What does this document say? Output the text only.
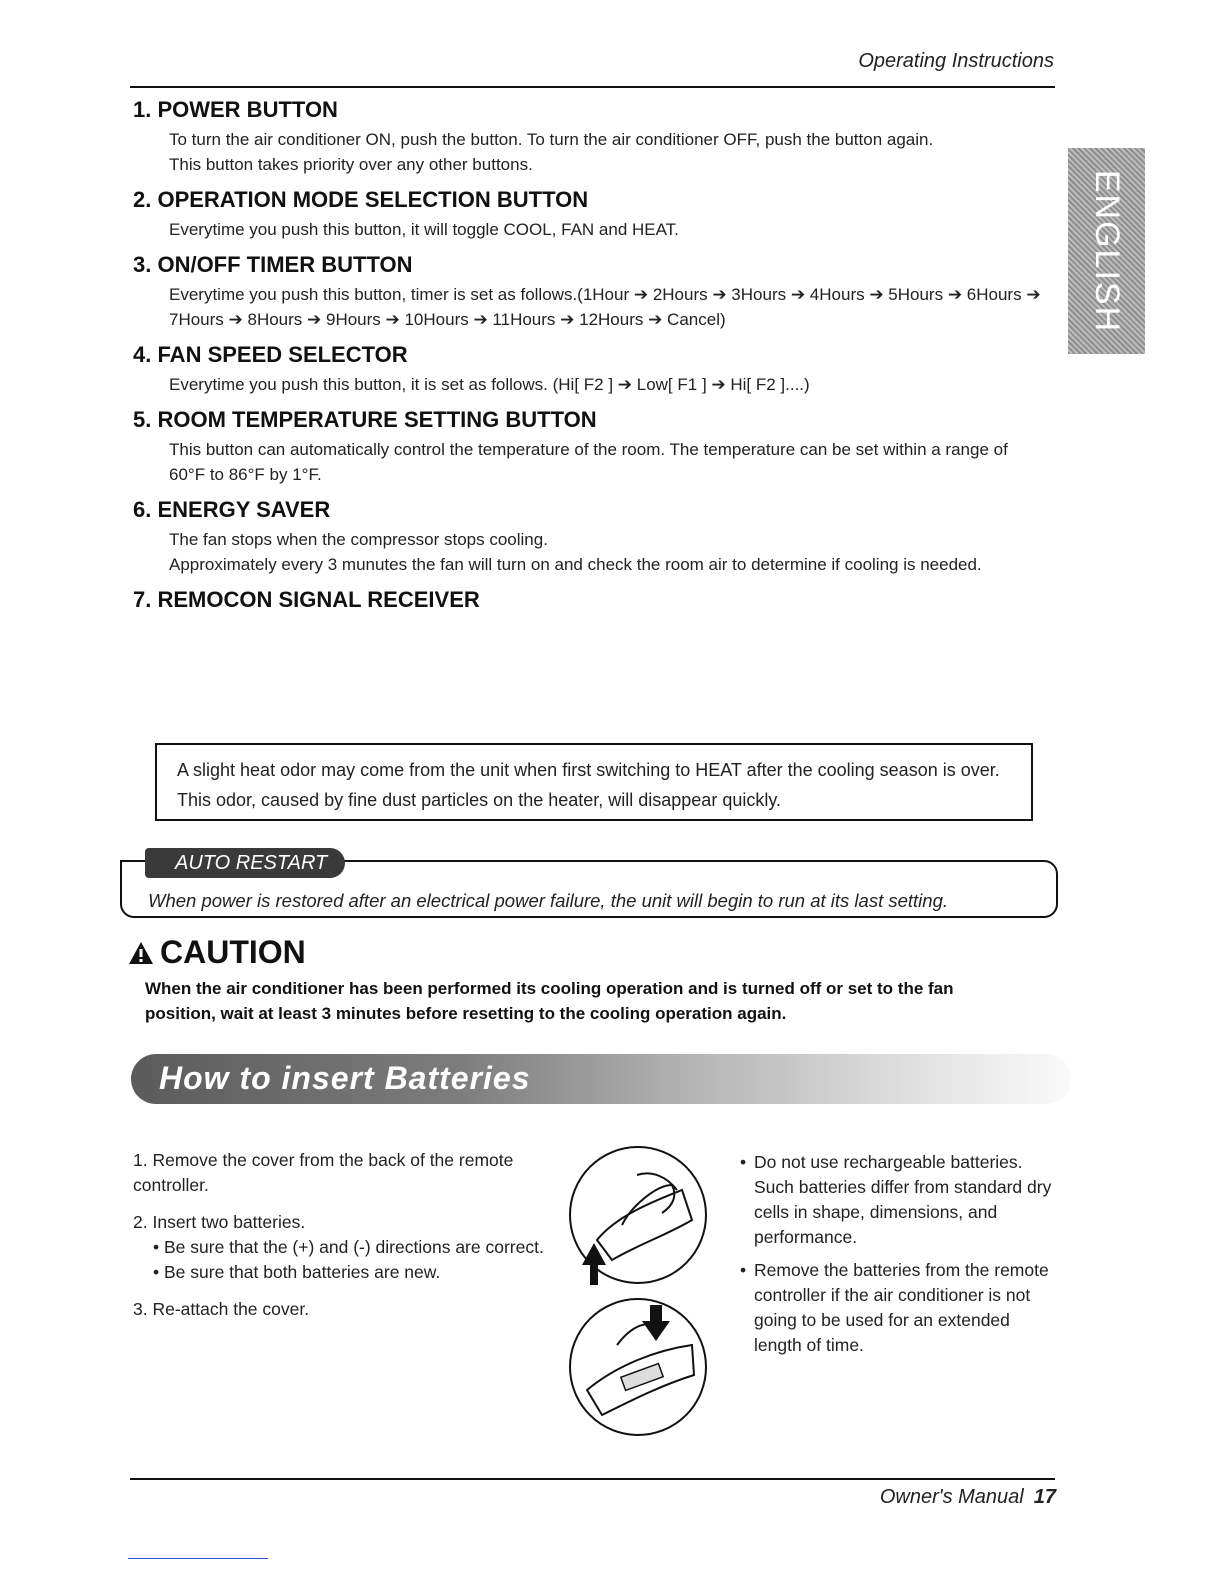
Operating Instructions
ENGLISH
1. POWER BUTTON

To turn the air conditioner ON, push the button. To turn the air conditioner OFF, push the button again.

This button takes priority over any other buttons.

2. OPERATION MODE SELECTION BUTTON

Everytime you push this button, it will toggle COOL, FAN and HEAT.

3. ON/OFF TIMER BUTTON

Everytime you push this button, timer is set as follows.(1Hour ➔ 2Hours ➔ 3Hours ➔ 4Hours ➔ 5Hours ➔ 6Hours ➔ 7Hours ➔ 8Hours ➔ 9Hours ➔ 10Hours ➔ 11Hours ➔ 12Hours ➔ Cancel)

4. FAN SPEED SELECTOR

Everytime you push this button, it is set as follows. (Hi[ F2 ] ➔ Low[ F1 ] ➔ Hi[ F2 ]....)

5. ROOM TEMPERATURE SETTING BUTTON

This button can automatically control the temperature of the room. The temperature can be set within a range of 60°F to 86°F by 1°F.

6. ENERGY SAVER

The fan stops when the compressor stops cooling.

Approximately every 3 munutes the fan will turn on and check the room air to determine if cooling is needed.

7. REMOCON SIGNAL RECEIVER

A slight heat odor may come from the unit when first switching to HEAT after the cooling season is over. This odor, caused by fine dust particles on the heater, will disappear quickly.

AUTO RESTART
When power is restored after an electrical power failure, the unit will begin to run at its last setting.
CAUTION
When the air conditioner has been performed its cooling operation and is turned off or set to the fan position, wait at least 3 minutes before resetting to the cooling operation again.
How to insert Batteries
1. Remove the cover from the back of the remote controller.
2. Insert two batteries.
• Be sure that the (+) and (-) directions are correct.
• Be sure that both batteries are new.
3. Re-attach the cover.
• Do not use rechargeable batteries. Such batteries differ from standard dry cells in shape, dimensions, and performance.
• Remove the batteries from the remote controller if the air conditioner is not going to be used for an extended length of time.
Owner's Manual 17
